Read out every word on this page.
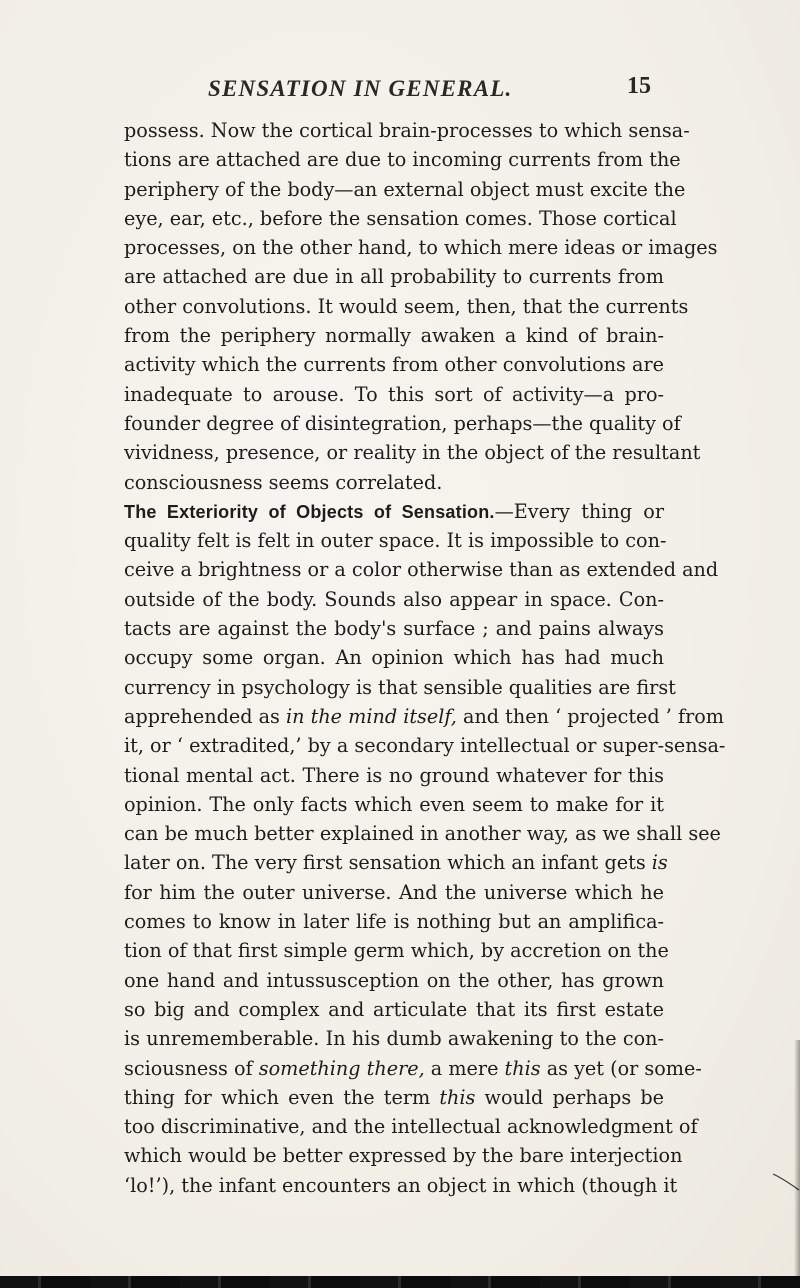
SENSATION IN GENERAL.	15
possess. Now the cortical brain-processes to which sensa-
tions are attached are due to incoming currents from the
periphery of the body—an external object must excite the
eye, ear, etc., before the sensation comes. Those cortical
processes, on the other hand, to which mere ideas or images
are attached are due in all probability to currents from
other convolutions. It would seem, then, that the currents
from the periphery normally awaken a kind of brain-
activity which the currents from other convolutions are
inadequate to arouse. To this sort of activity—a pro-
founder degree of disintegration, perhaps—the quality of
vividness, presence, or reality in the object of the resultant
consciousness seems correlated.
The Exteriority of Objects of Sensation.—Every thing or
quality felt is felt in outer space. It is impossible to con-
ceive a brightness or a color otherwise than as extended and
outside of the body. Sounds also appear in space. Con-
tacts are against the body's surface ; and pains always
occupy some organ. An opinion which has had much
currency in psychology is that sensible qualities are first
apprehended as in the mind itself, and then ‘ projected ’ from
it, or ‘ extradited,’ by a secondary intellectual or super-sensa-
tional mental act. There is no ground whatever for this
opinion. The only facts which even seem to make for it
can be much better explained in another way, as we shall see
later on. The very first sensation which an infant gets is
for him the outer universe. And the universe which he
comes to know in later life is nothing but an amplifica-
tion of that first simple germ which, by accretion on the
one hand and intussusception on the other, has grown
so big and complex and articulate that its first estate
is unrememberable. In his dumb awakening to the con-
sciousness of something there, a mere this as yet (or some-
thing for which even the term this would perhaps be
too discriminative, and the intellectual acknowledgment of
which would be better expressed by the bare interjection
‘lo!’), the infant encounters an object in which (though it
